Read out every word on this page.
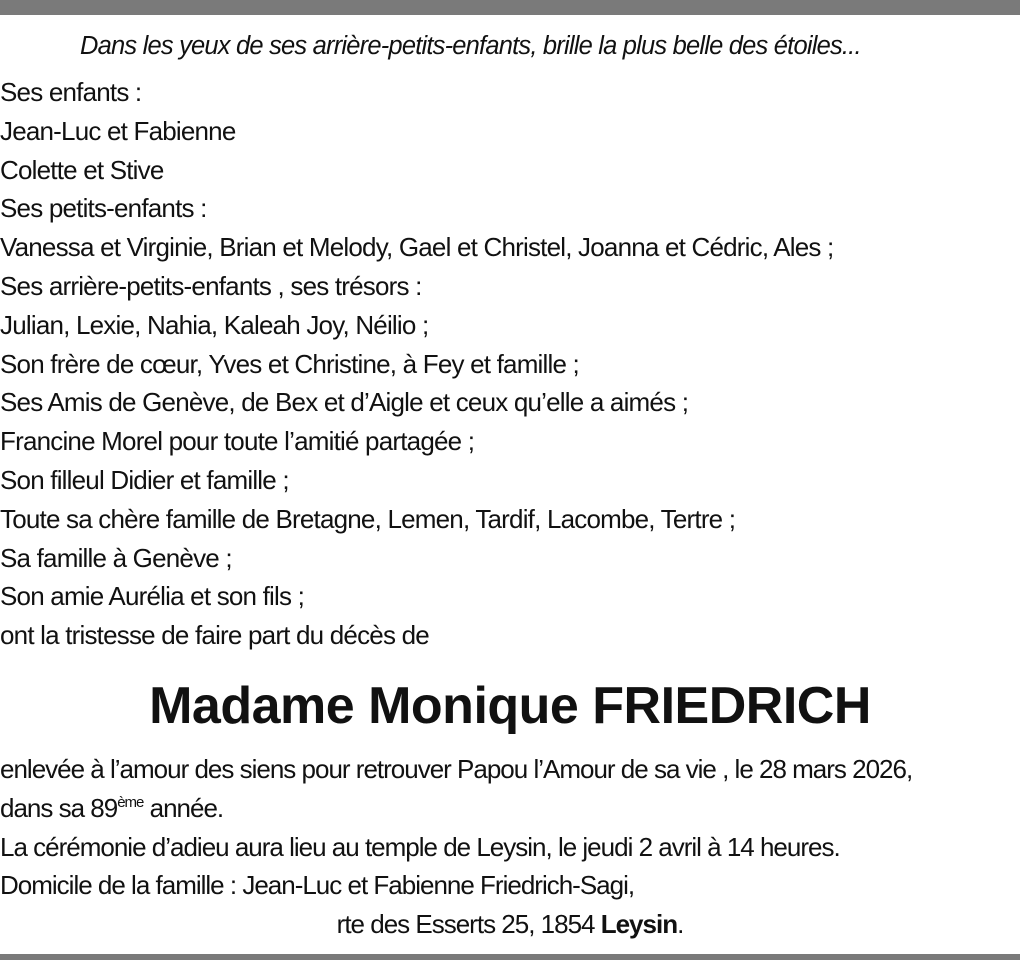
Dans les yeux de ses arrière-petits-enfants, brille la plus belle des étoiles...
Ses enfants :
Jean-Luc et Fabienne
Colette et Stive
Ses petits-enfants :
Vanessa et Virginie, Brian et Melody, Gael et Christel, Joanna et Cédric, Ales ;
Ses arrière-petits-enfants , ses trésors :
Julian, Lexie, Nahia, Kaleah Joy, Néilio ;
Son frère de cœur, Yves et Christine, à Fey et famille ;
Ses Amis de Genève, de Bex et d’Aigle et ceux qu’elle a aimés ;
Francine Morel pour toute l’amitié partagée ;
Son filleul Didier et famille ;
Toute sa chère famille de Bretagne, Lemen, Tardif, Lacombe, Tertre ;
Sa famille à Genève ;
Son amie Aurélia et son fils ;
ont la tristesse de faire part du décès de
Madame Monique FRIEDRICH
enlevée à l’amour des siens pour retrouver Papou l’Amour de sa vie , le 28 mars 2026,
dans sa 89ème année.
La cérémonie d’adieu aura lieu au temple de Leysin, le jeudi 2 avril à 14 heures.
Domicile de la famille : Jean-Luc et Fabienne Friedrich-Sagi,
rte des Esserts 25, 1854 Leysin.
